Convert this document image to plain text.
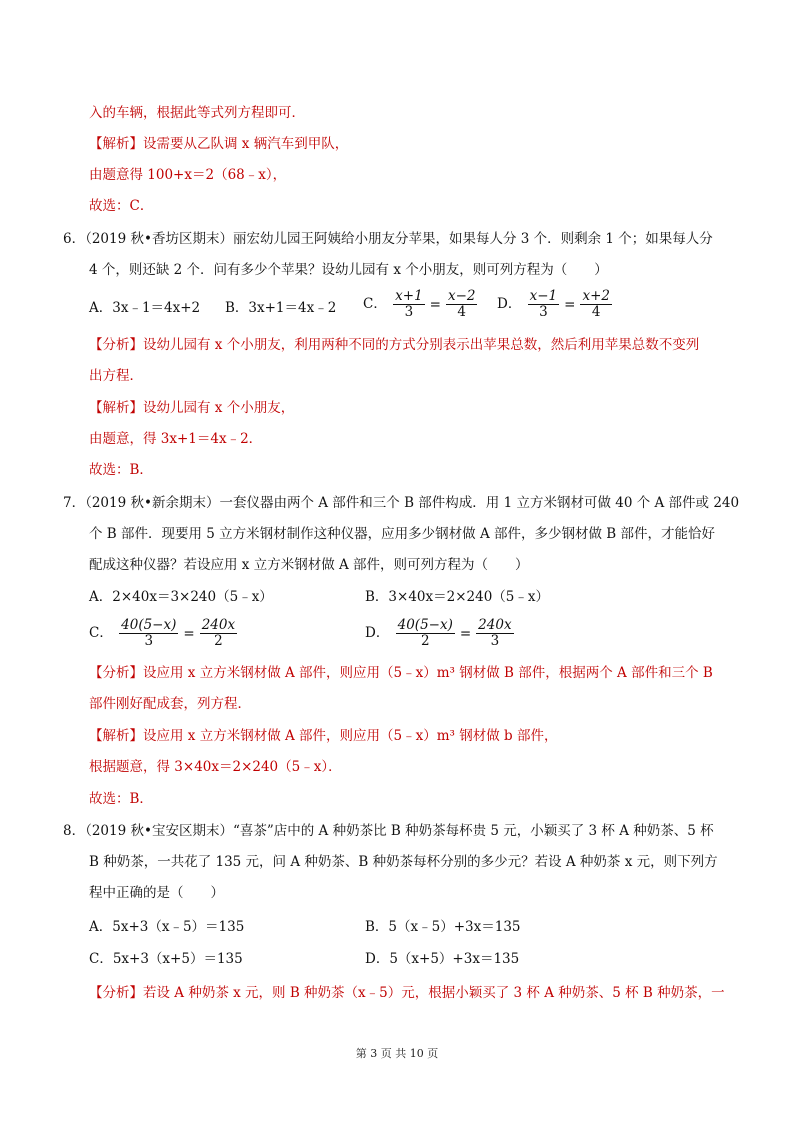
入的车辆，根据此等式列方程即可．
【解析】设需要从乙队调 x 辆汽车到甲队，
由题意得 100+x＝2（68﹣x），
故选：C．
6．（2019 秋•香坊区期末）丽宏幼儿园王阿姨给小朋友分苹果，如果每人分 3 个．则剩余 1 个；如果每人分
4 个，则还缺 2 个．问有多少个苹果？设幼儿园有 x 个小朋友，则可列方程为（　　）
A．3x﹣1＝4x+2 B．3x+1＝4x﹣2 C． $\frac{x+1}{3} = \frac{x-2}{4}$ D． $\frac{x-1}{3} = \frac{x+2}{4}$
【分析】设幼儿园有 x 个小朋友，利用两种不同的方式分别表示出苹果总数，然后利用苹果总数不变列
出方程．
【解析】设幼儿园有 x 个小朋友，
由题意，得 3x+1＝4x﹣2．
故选：B．
7．（2019 秋•新余期末）一套仪器由两个 A 部件和三个 B 部件构成．用 1 立方米钢材可做 40 个 A 部件或 240
个 B 部件．现要用 5 立方米钢材制作这种仪器，应用多少钢材做 A 部件，多少钢材做 B 部件，才能恰好
配成这种仪器？若设应用 x 立方米钢材做 A 部件，则可列方程为（　　）
A．2×40x＝3×240（5﹣x）	B．3×40x＝2×240（5﹣x）
C． $\frac{40(5-x)}{3} = \frac{240x}{2}$	D． $\frac{40(5-x)}{2} = \frac{240x}{3}$
【分析】设应用 x 立方米钢材做 A 部件，则应用（5﹣x）m³ 钢材做 B 部件，根据两个 A 部件和三个 B
部件刚好配成套，列方程．
【解析】设应用 x 立方米钢材做 A 部件，则应用（5﹣x）m³ 钢材做 b 部件，
根据题意，得 3×40x＝2×240（5﹣x）．
故选：B．
8．（2019 秋•宝安区期末）“喜茶”店中的 A 种奶茶比 B 种奶茶每杯贵 5 元，小颖买了 3 杯 A 种奶茶、5 杯
B 种奶茶，一共花了 135 元，问 A 种奶茶、B 种奶茶每杯分别的多少元？若设 A 种奶茶 x 元，则下列方
程中正确的是（　　）
A．5x+3（x﹣5）＝135	B．5（x﹣5）+3x＝135
C．5x+3（x+5）＝135	D．5（x+5）+3x＝135
【分析】若设 A 种奶茶 x 元，则 B 种奶茶（x﹣5）元，根据小颖买了 3 杯 A 种奶茶、5 杯 B 种奶茶，一
第 3 页 共 10 页
